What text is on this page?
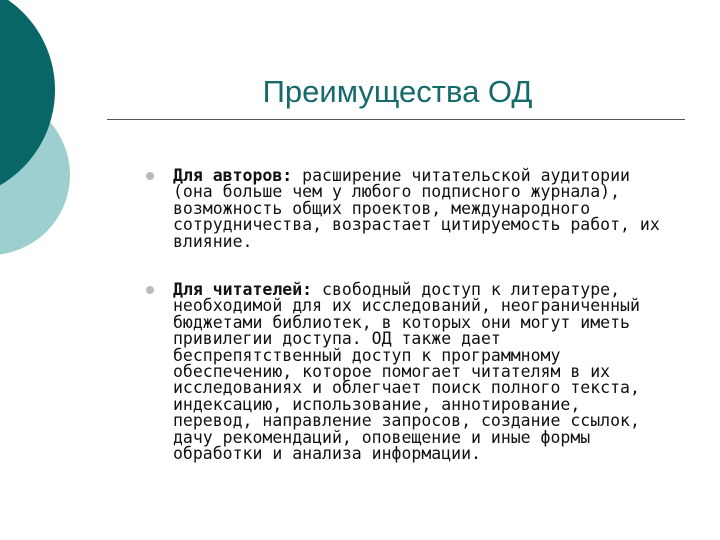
Преимущества ОД
Для авторов: расширение читательской аудитории
(она больше чем у любого подписного журнала),
возможность общих проектов, международного
сотрудничества, возрастает цитируемость работ, их
влияние.
Для читателей: свободный доступ к литературе,
необходимой для их исследований, неограниченный
бюджетами библиотек, в которых они могут иметь
привилегии доступа. ОД также дает
беспрепятственный доступ к программному
обеспечению, которое помогает читателям в их
исследованиях и облегчает поиск полного текста,
индексацию, использование, аннотирование,
перевод, направление запросов, создание ссылок,
дачу рекомендаций, оповещение и иные формы
обработки и анализа информации.
